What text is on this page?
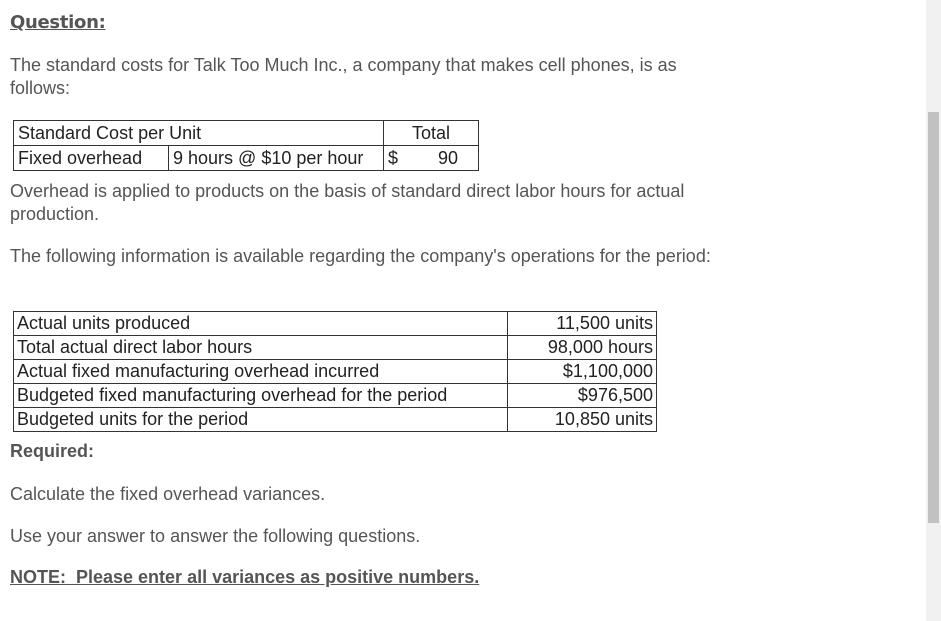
Question:
The standard costs for Talk Too Much Inc., a company that makes cell phones, is as follows:
Standard Cost per Unit		Total
Fixed overhead	9 hours @ $10 per hour	$ 90
Overhead is applied to products on the basis of standard direct labor hours for actual production.
The following information is available regarding the company's operations for the period:
Actual units produced	11,500 units
Total actual direct labor hours	98,000 hours
Actual fixed manufacturing overhead incurred	$1,100,000
Budgeted fixed manufacturing overhead for the period	$976,500
Budgeted units for the period	10,850 units
Required:
Calculate the fixed overhead variances.
Use your answer to answer the following questions.
NOTE:  Please enter all variances as positive numbers.
